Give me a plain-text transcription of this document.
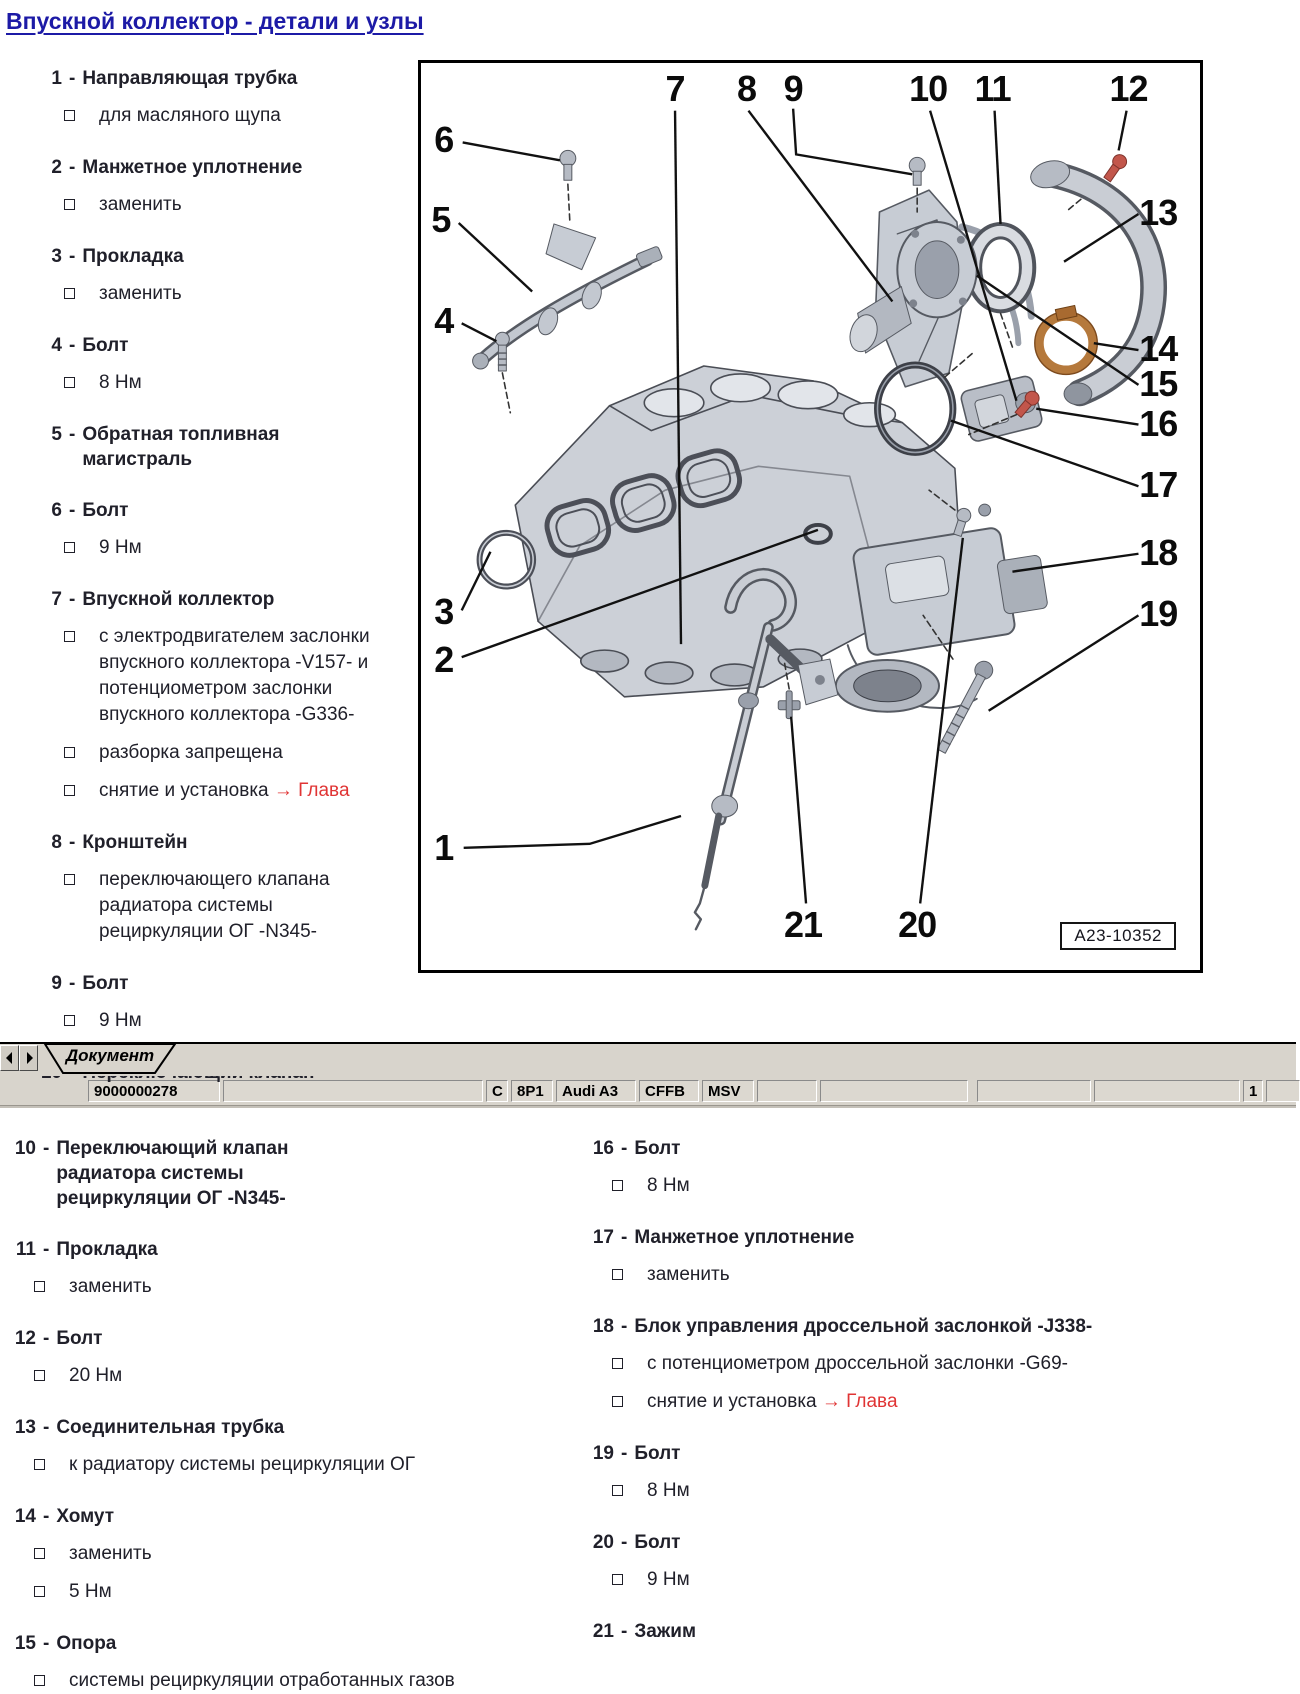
Впускной коллектор - детали и узлы
1 - Направляющая трубка
для масляного щупа
2 - Манжетное уплотнение
заменить
3 - Прокладка
заменить
4 - Болт
8 Нм
5 - Обратная топливная магистраль
6 - Болт
9 Нм
7 - Впускной коллектор
с электродвигателем заслонки впускного коллектора -V157- и потенциометром заслонки впускного коллектора -G336-
разборка запрещена
снятие и установка → Глава
8 - Кронштейн
переключающего клапана радиатора системы рециркуляции ОГ -N345-
9 - Болт
9 Нм
7 8 9	10 11	12
6
5
4
3
2
1
13
14
15
16
17
18
19
21 20	A23-10352
Документ
9000000278	C 8P1	Audi A3	CFFB	MSV	1
10 - Переключающий клапан радиатора системы рециркуляции ОГ -N345-
11 - Прокладка
заменить
12 - Болт
20 Нм
13 - Соединительная трубка
к радиатору системы рециркуляции ОГ
14 - Хомут
заменить
5 Нм
15 - Опора
системы рециркуляции отработанных газов
16 - Болт
8 Нм
17 - Манжетное уплотнение
заменить
18 - Блок управления дроссельной заслонкой -J338-
с потенциометром дроссельной заслонки -G69-
снятие и установка → Глава
19 - Болт
8 Нм
20 - Болт
9 Нм
21 - Зажим
